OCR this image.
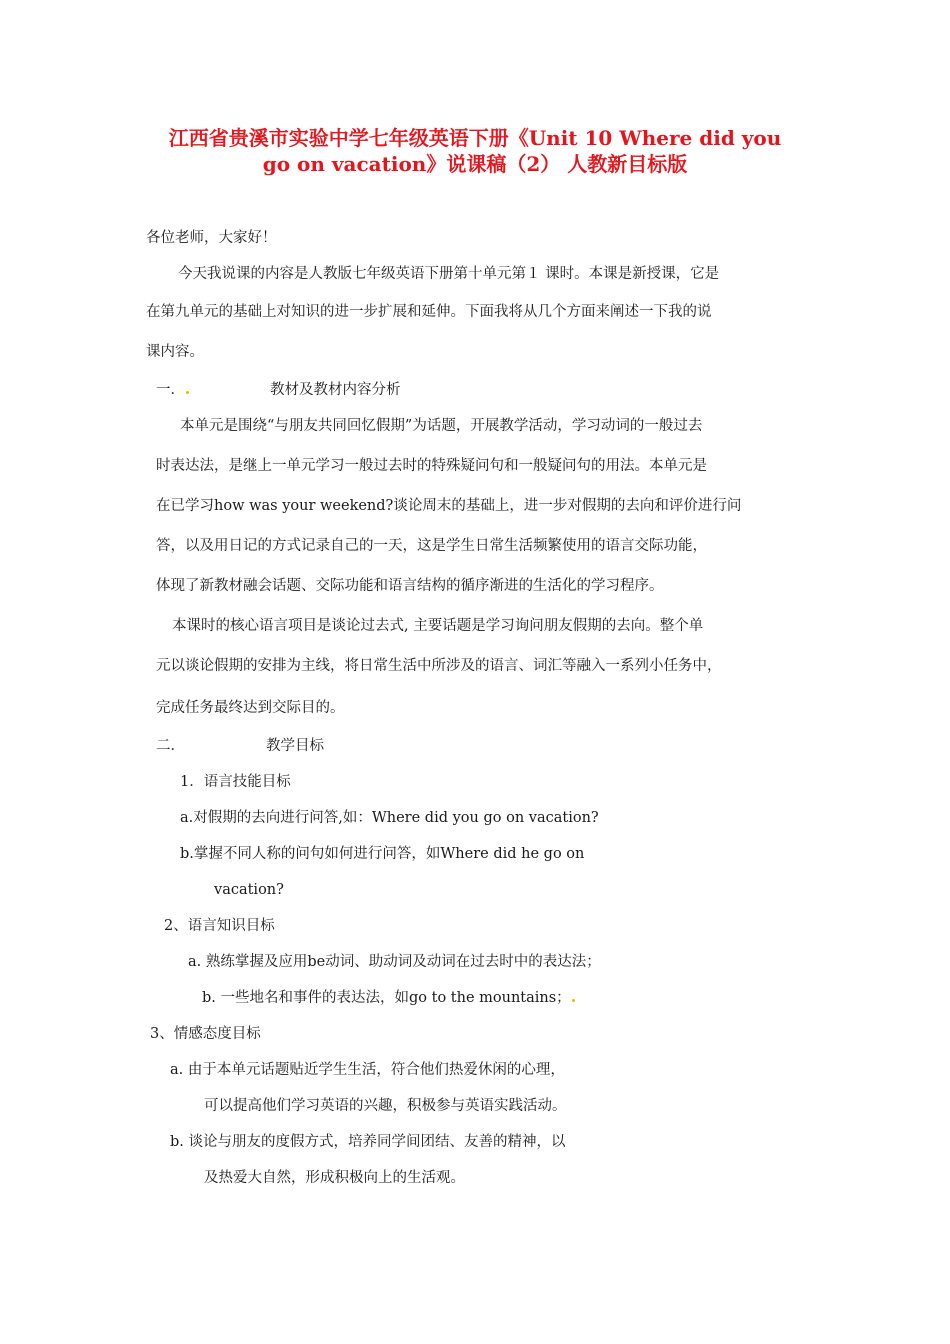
江西省贵溪市实验中学七年级英语下册《Unit 10 Where did you
go on vacation》说课稿（2） 人教新目标版
各位老师，大家好！
今天我说课的内容是人教版七年级英语下册第十单元第１ 课时。本课是新授课，它是
在第九单元的基础上对知识的进一步扩展和延伸。下面我将从几个方面来阐述一下我的说
课内容。
一．	教材及教材内容分析
本单元是围绕“与朋友共同回忆假期”为话题，开展教学活动，学习动词的一般过去
时表达法，是继上一单元学习一般过去时的特殊疑问句和一般疑问句的用法。本单元是
在已学习how was your weekend?谈论周末的基础上，进一步对假期的去向和评价进行问
答，以及用日记的方式记录自己的一天，这是学生日常生活频繁使用的语言交际功能，
体现了新教材融会话题、交际功能和语言结构的循序渐进的生活化的学习程序。
本课时的核心语言项目是谈论过去式, 主要话题是学习询问朋友假期的去向。整个单
元以谈论假期的安排为主线，将日常生活中所涉及的语言、词汇等融入一系列小任务中，
完成任务最终达到交际目的。
二．	教学目标
1．语言技能目标
a.对假期的去向进行问答,如：Where did you go on vacation?
b.掌握不同人称的问句如何进行问答，如Where did he go on
vacation?
2、语言知识目标
a. 熟练掌握及应用be动词、助动词及动词在过去时中的表达法；
b. 一些地名和事件的表达法，如go to the mountains；
3、情感态度目标
a. 由于本单元话题贴近学生生活，符合他们热爱休闲的心理，
可以提高他们学习英语的兴趣，积极参与英语实践活动。
b. 谈论与朋友的度假方式，培养同学间团结、友善的精神，以
及热爱大自然，形成积极向上的生活观。
